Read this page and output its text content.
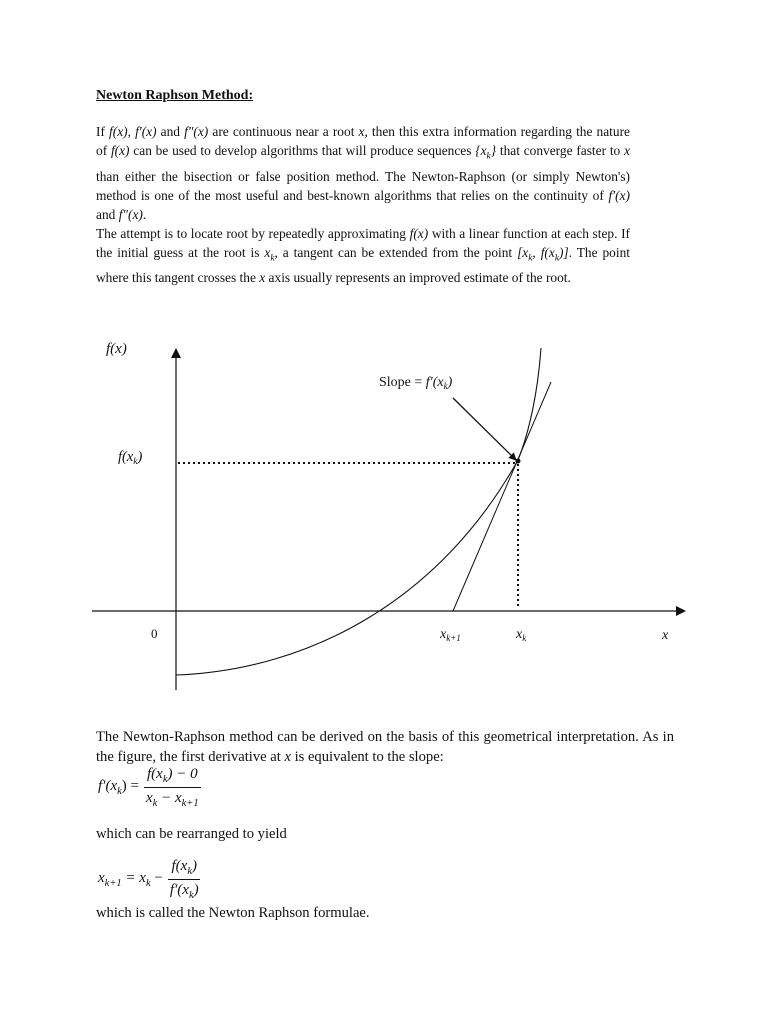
Newton Raphson Method:

If f(x), f′(x) and f″(x) are continuous near a root x, then this extra information regarding the nature of f(x) can be used to develop algorithms that will produce sequences $\{x_k\}$ that converge faster to x than either the bisection or false position method. The Newton-Raphson (or simply Newton's) method is one of the most useful and best-known algorithms that relies on the continuity of f′(x) and f″(x).

The attempt is to locate root by repeatedly approximating f(x) with a linear function at each step. If the initial guess at the root is $x_k$, a tangent can be extended from the point [$x_k$, $f(x_k)$]. The point where this tangent crosses the x axis usually represents an improved estimate of the root.

f(x)
$f(x_k)$
0	x
$x_{k+1}$	$x_k$
Slope = $f'(x_k)$

The Newton-Raphson method can be derived on the basis of this geometrical interpretation. As in the figure, the first derivative at x is equivalent to the slope:

$f'(x_k) = \frac{f(x_k) - 0}{x_k - x_{k+1}}$

which can be rearranged to yield

$x_{k+1} = x_k - \frac{f(x_k)}{f'(x_k)}$

which is called the Newton Raphson formulae.
